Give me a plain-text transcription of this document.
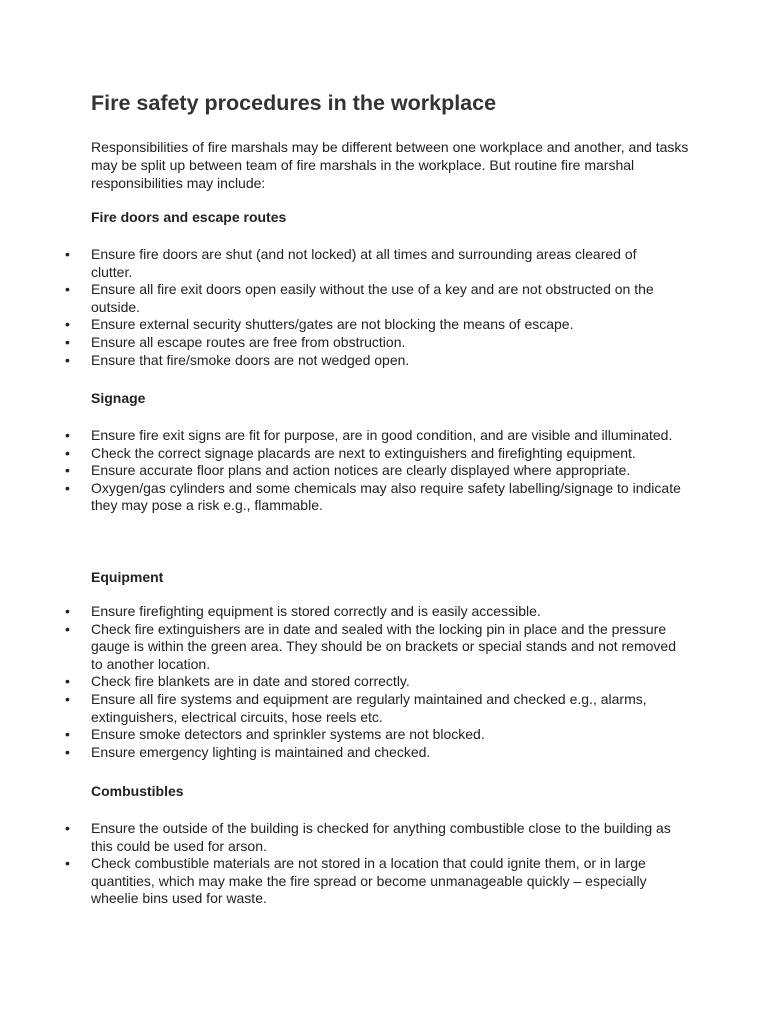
Fire safety procedures in the workplace

Responsibilities of fire marshals may be different between one workplace and another, and tasks may be split up between team of fire marshals in the workplace. But routine fire marshal responsibilities may include:

Fire doors and escape routes
• Ensure fire doors are shut (and not locked) at all times and surrounding areas cleared of clutter.
• Ensure all fire exit doors open easily without the use of a key and are not obstructed on the outside.
• Ensure external security shutters/gates are not blocking the means of escape.
• Ensure all escape routes are free from obstruction.
• Ensure that fire/smoke doors are not wedged open.
Signage
• Ensure fire exit signs are fit for purpose, are in good condition, and are visible and illuminated.
• Check the correct signage placards are next to extinguishers and firefighting equipment.
• Ensure accurate floor plans and action notices are clearly displayed where appropriate.
• Oxygen/gas cylinders and some chemicals may also require safety labelling/signage to indicate they may pose a risk e.g., flammable.
Equipment
• Ensure firefighting equipment is stored correctly and is easily accessible.
• Check fire extinguishers are in date and sealed with the locking pin in place and the pressure gauge is within the green area. They should be on brackets or special stands and not removed to another location.
• Check fire blankets are in date and stored correctly.
• Ensure all fire systems and equipment are regularly maintained and checked e.g., alarms, extinguishers, electrical circuits, hose reels etc.
• Ensure smoke detectors and sprinkler systems are not blocked.
• Ensure emergency lighting is maintained and checked.
Combustibles
• Ensure the outside of the building is checked for anything combustible close to the building as this could be used for arson.
• Check combustible materials are not stored in a location that could ignite them, or in large quantities, which may make the fire spread or become unmanageable quickly – especially wheelie bins used for waste.
